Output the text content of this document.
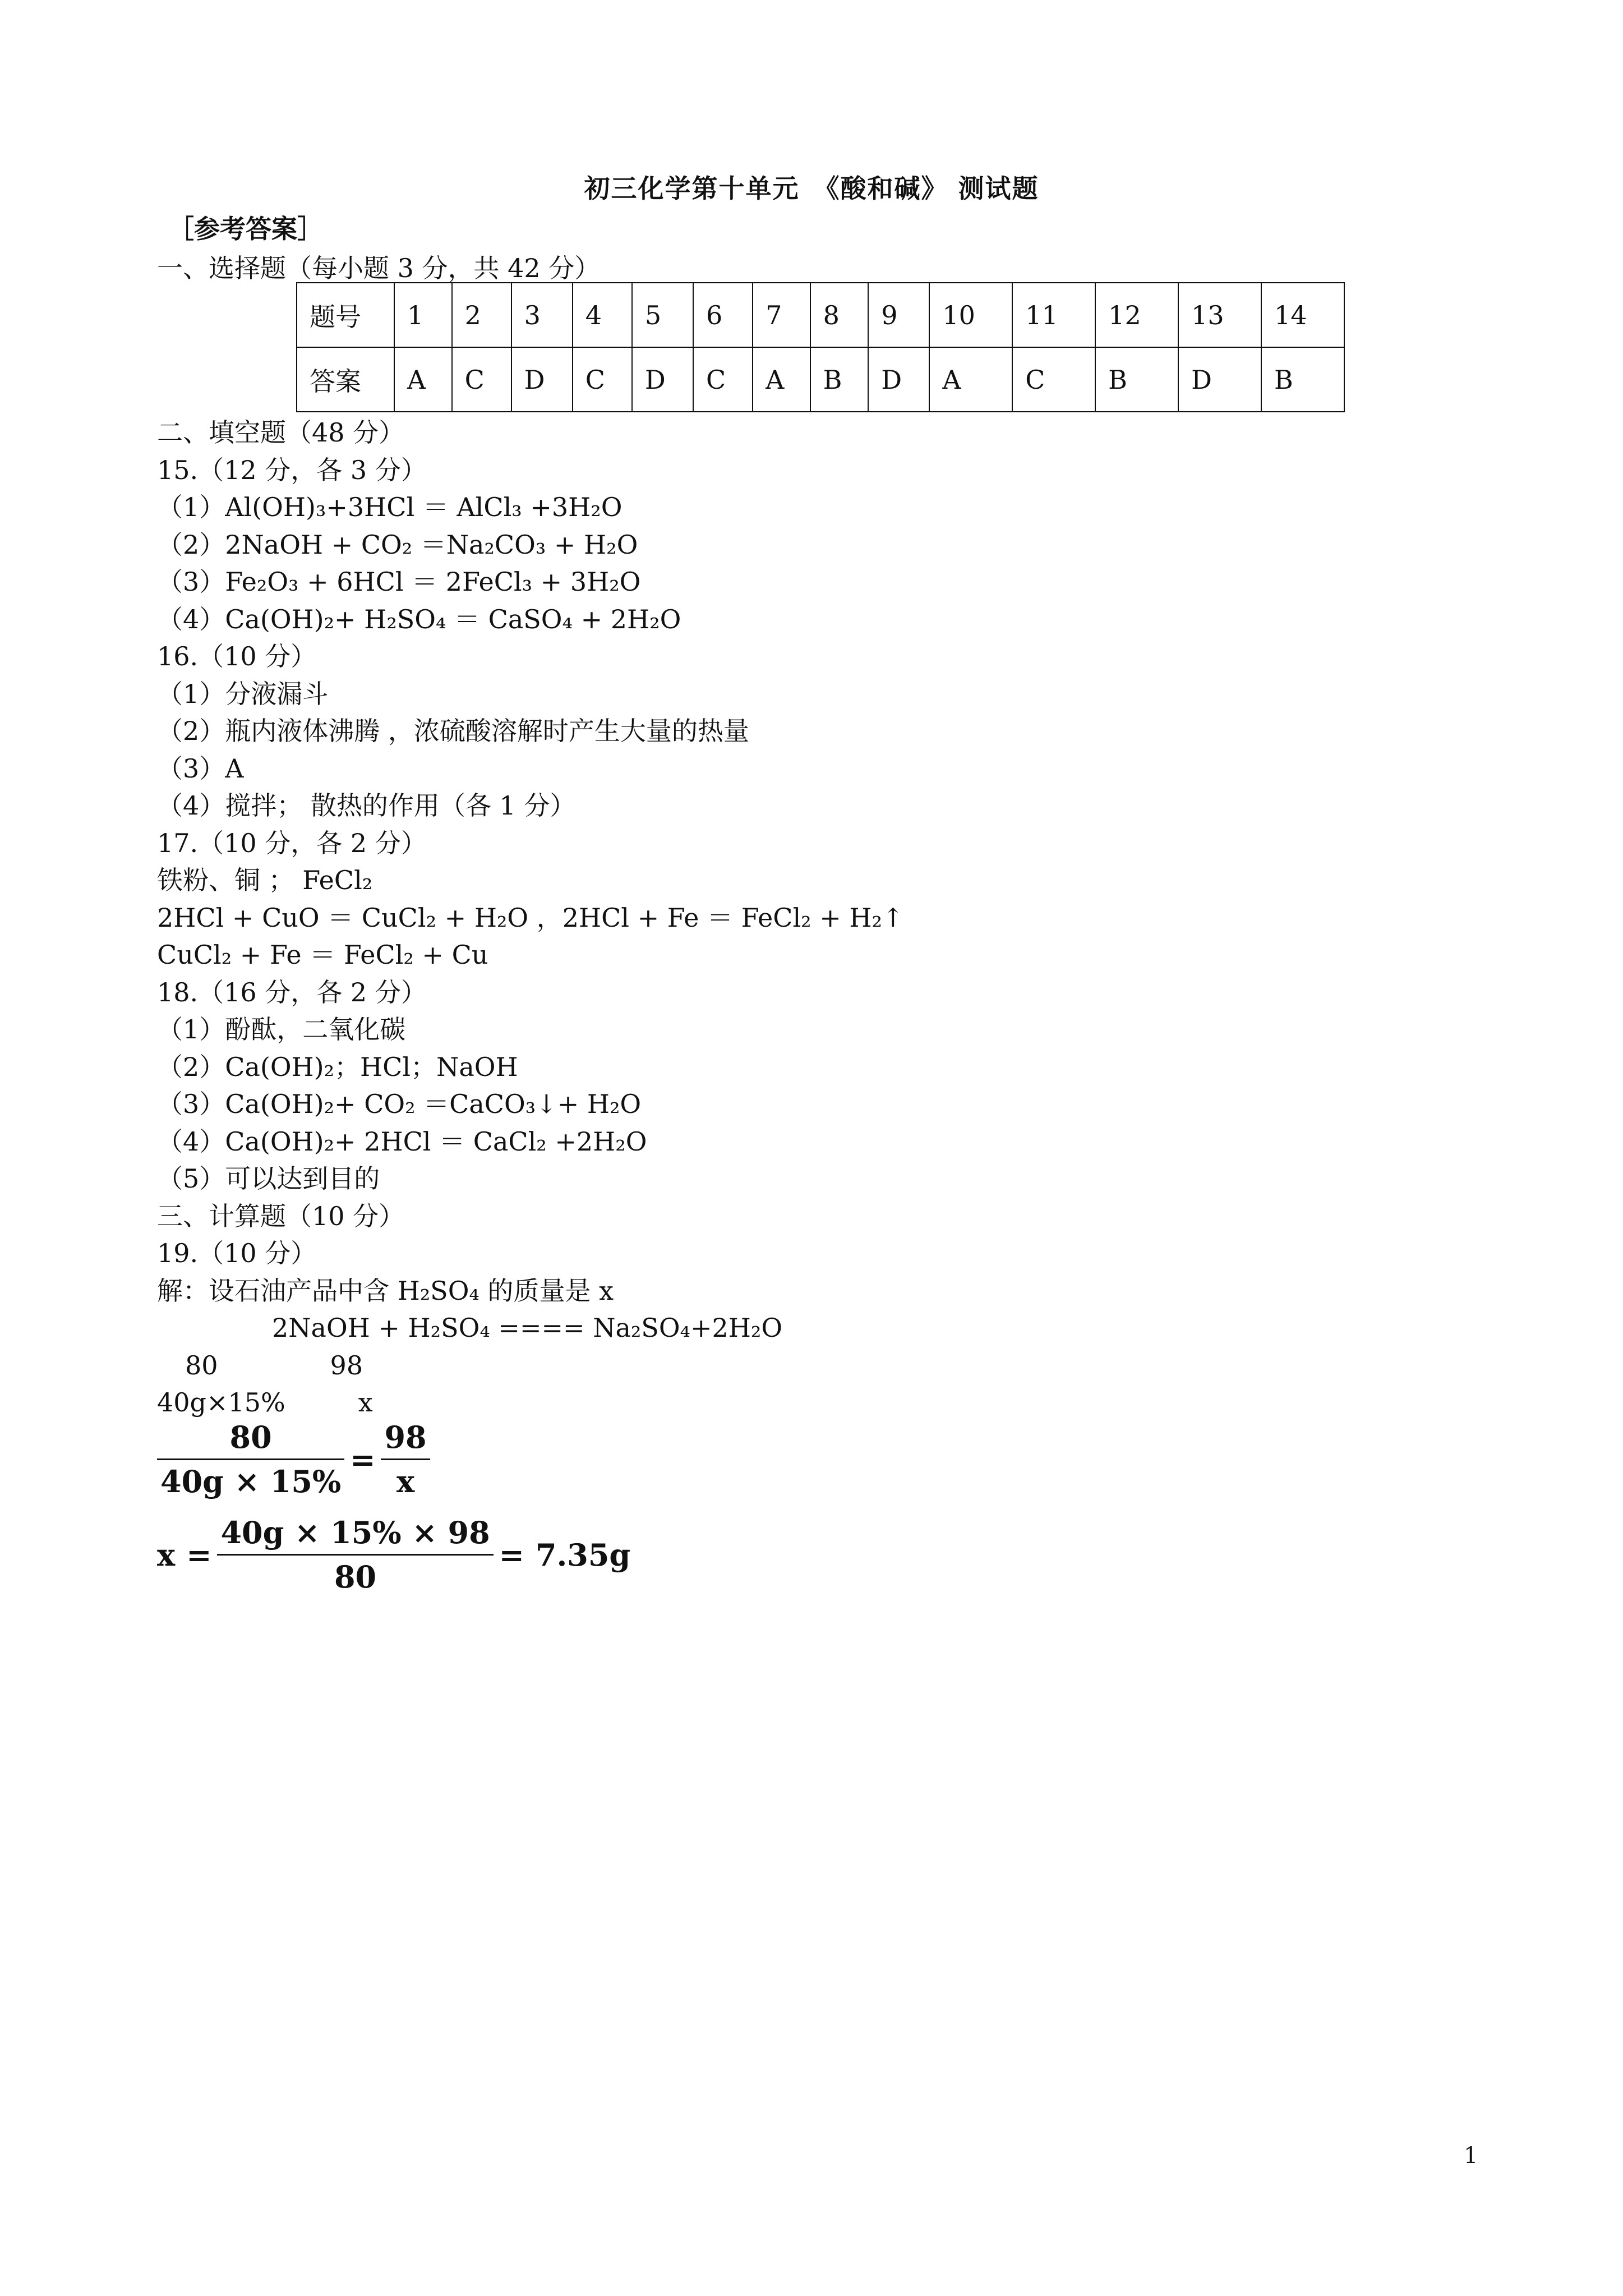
初三化学第十单元　《酸和碱》 测试题
［参考答案］
一、选择题（每小题 3 分，共 42 分）
题号	1	2	3	4	5	6	7	8	9	10	11	12	13	14
答案	A	C	D	C	D	C	A	B	D	A	C	B	D	B
二、填空题（48 分）
15.（12 分，各 3 分）
（1）Al(OH)₃+3HCl ＝ AlCl₃ +3H₂O
（2）2NaOH + CO₂ ＝Na₂CO₃ + H₂O
（3）Fe₂O₃ + 6HCl ＝ 2FeCl₃ + 3H₂O
（4）Ca(OH)₂+ H₂SO₄ ＝ CaSO₄ + 2H₂O
16.（10 分）
（1）分液漏斗
（2）瓶内液体沸腾 ，浓硫酸溶解时产生大量的热量
（3）A
（4）搅拌； 散热的作用（各 1 分）
17.（10 分，各 2 分）
铁粉、铜 ； FeCl₂
2HCl + CuO ＝ CuCl₂ + H₂O ，2HCl + Fe ＝ FeCl₂ + H₂↑
CuCl₂ + Fe ＝ FeCl₂ + Cu
18.（16 分，各 2 分）
（1）酚酞，二氧化碳
（2）Ca(OH)₂；HCl；NaOH
（3）Ca(OH)₂+ CO₂ ＝CaCO₃↓+ H₂O
（4）Ca(OH)₂+ 2HCl ＝ CaCl₂ +2H₂O
（5）可以达到目的
三、计算题（10 分）
19.（10 分）
解：设石油产品中含 H₂SO₄ 的质量是 x
2NaOH + H₂SO₄ ==== Na₂SO₄+2H₂O
80	98
40g×15%	x
$\frac{80}{40g \times 15\%} = \frac{98}{x}$
$x = \frac{40g \times 15\% \times 98}{80} = 7.35g$
1
